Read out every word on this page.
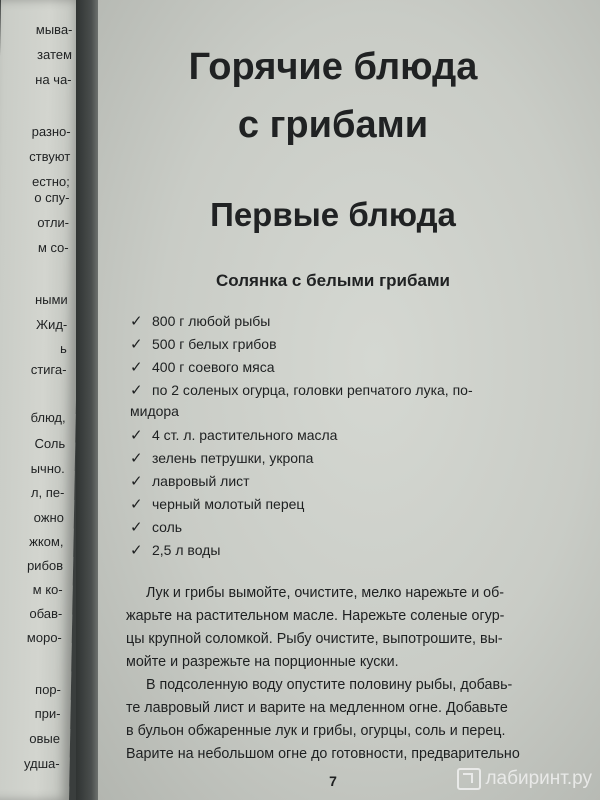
мыва-
затем
на ча-
разно-
ствуют
естно;
о спу-
отли-
м со-
ными
Жид-
ь
стига-
блюд,
Соль
ычно.
л, пе-
ожно
жком,
рибов
м ко-
обав-
морo-
пор-
при-
овые
удша-
Горячие блюда
с грибами
Первые блюда
Солянка с белыми грибами
✓ 800 г любой рыбы
✓ 500 г белых грибов
✓ 400 г соевого мяса
✓ по 2 соленых огурца, головки репчатого лука, по-
мидора
✓ 4 ст. л. растительного масла
✓ зелень петрушки, укропа
✓ лавровый лист
✓ черный молотый перец
✓ соль
✓ 2,5 л воды
Лук и грибы вымойте, очистите, мелко нарежьте и об-
жарьте на растительном масле. Нарежьте соленые огур-
цы крупной соломкой. Рыбу очистите, выпотрошите, вы-
мойте и разрежьте на порционные куски.
В подсоленную воду опустите половину рыбы, добавь-
те лавровый лист и варите на медленном огне. Добавьте
в бульон обжаренные лук и грибы, огурцы, соль и перец.
Варите на небольшом огне до готовности, предварительно
7	лабиринт.ру
